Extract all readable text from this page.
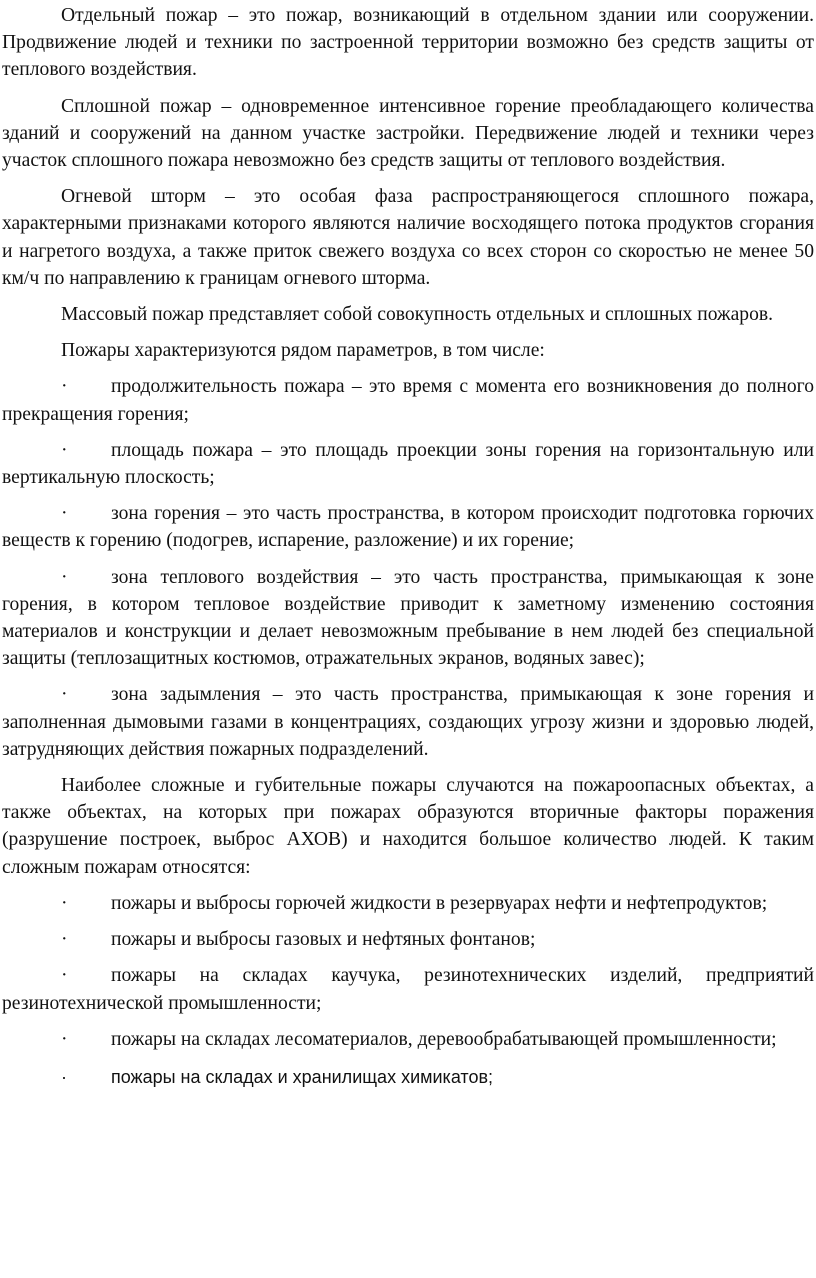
Отдельный пожар – это пожар, возникающий в отдельном здании или сооружении. Продвижение людей и техники по застроенной территории возможно без средств защиты от теплового воздействия.

Сплошной пожар – одновременное интенсивное горение преобладающего количества зданий и сооружений на данном участке застройки. Передвижение людей и техники через участок сплошного пожара невозможно без средств защиты от теплового воздействия.

Огневой шторм – это особая фаза распространяющегося сплошного пожара, характерными признаками которого являются наличие восходящего потока продуктов сгорания и нагретого воздуха, а также приток свежего воздуха со всех сторон со скоростью не менее 50 км/ч по направлению к границам огневого шторма.

Массовый пожар представляет собой совокупность отдельных и сплошных пожаров.

Пожары характеризуются рядом параметров, в том числе:

· продолжительность пожара – это время с момента его возникновения до полного прекращения горения;

· площадь пожара – это площадь проекции зоны горения на горизонтальную или вертикальную плоскость;

· зона горения – это часть пространства, в котором происходит подготовка горючих веществ к горению (подогрев, испарение, разложение) и их горение;

· зона теплового воздействия – это часть пространства, примыкающая к зоне горения, в котором тепловое воздействие приводит к заметному изменению состояния материалов и конструкции и делает невозможным пребывание в нем людей без специальной защиты (теплозащитных костюмов, отражательных экранов, водяных завес);

· зона задымления – это часть пространства, примыкающая к зоне горения и заполненная дымовыми газами в концентрациях, создающих угрозу жизни и здоровью людей, затрудняющих действия пожарных подразделений.

Наиболее сложные и губительные пожары случаются на пожароопасных объектах, а также объектах, на которых при пожарах образуются вторичные факторы поражения (разрушение построек, выброс АХОВ) и находится большое количество людей. К таким сложным пожарам относятся:

· пожары и выбросы горючей жидкости в резервуарах нефти и нефтепродуктов;

· пожары и выбросы газовых и нефтяных фонтанов;

· пожары на складах каучука, резинотехнических изделий, предприятий резинотехнической промышленности;

· пожары на складах лесоматериалов, деревообрабатывающей промышленности;

· пожары на складах и хранилищах химикатов;
